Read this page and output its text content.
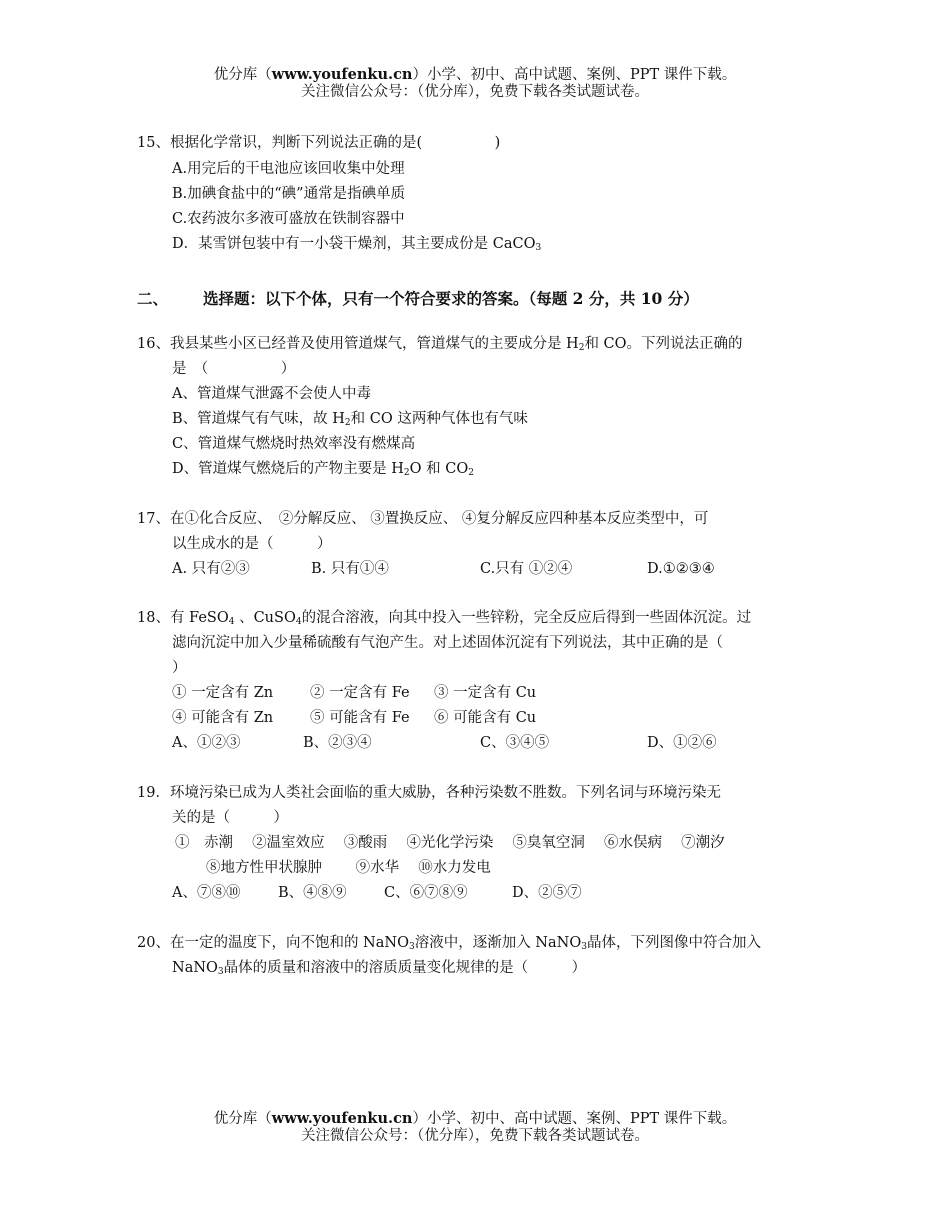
优分库（www.youfenku.cn）小学、初中、高中试题、案例、PPT 课件下载。
关注微信公众号：（优分库），免费下载各类试题试卷。
15、根据化学常识，判断下列说法正确的是(　　　　　)
A.用完后的干电池应该回收集中处理
B.加碘食盐中的“碘”通常是指碘单质
C.农药波尔多液可盛放在铁制容器中
D．某雪饼包装中有一小袋干燥剂，其主要成份是 CaCO$_3$
二、 选择题：以下个体，只有一个符合要求的答案。（每题 2 分，共 10 分）
16、我县某些小区已经普及使用管道煤气，管道煤气的主要成分是 $H_2$和 CO。下列说法正确的
是　（　　　　　）
A、管道煤气泄露不会使人中毒
B、管道煤气有气味，故 $H_2$和 CO 这两种气体也有气味
C、管道煤气燃烧时热效率没有燃煤高
D、管道煤气燃烧后的产物主要是 $H_2O$ 和 $CO_2$
17、在①化合反应、　②分解反应、 ③置换反应、 ④复分解反应四种基本反应类型中，可
以生成水的是（　　　）
A. 只有②③	B. 只有①④	C.只有 ①②④	D.①②③④
18、有 FeSO$_4$ 、CuSO$_4$的混合溶液，向其中投入一些锌粉，完全反应后得到一些固体沉淀。过
滤向沉淀中加入少量稀硫酸有气泡产生。对上述固体沉淀有下列说法，其中正确的是（
）
① 一定含有 Zn	② 一定含有 Fe ③ 一定含有 Cu
④ 可能含有 Zn	⑤ 可能含有 Fe ⑥ 可能含有 Cu
A、①②③	B、②③④	C、③④⑤	D、①②⑥
19．环境污染已成为人类社会面临的重大威胁，各种污染数不胜数。下列名词与环境污染无
关的是（　　　）
①　赤潮　 ②温室效应　 ③酸雨　 ④光化学污染　 ⑤臭氧空洞　 ⑥水俣病　 ⑦潮汐
⑧地方性甲状腺肿　　 ⑨水华　 ⑩水力发电
A、⑦⑧⑩	B、④⑧⑨	C、⑥⑦⑧⑨	D、②⑤⑦
20、在一定的温度下，向不饱和的 NaNO$_3$溶液中，逐渐加入 NaNO$_3$晶体，下列图像中符合加入
NaNO$_3$晶体的质量和溶液中的溶质质量变化规律的是（　　　）
优分库（www.youfenku.cn）小学、初中、高中试题、案例、PPT 课件下载。
关注微信公众号：（优分库），免费下载各类试题试卷。
